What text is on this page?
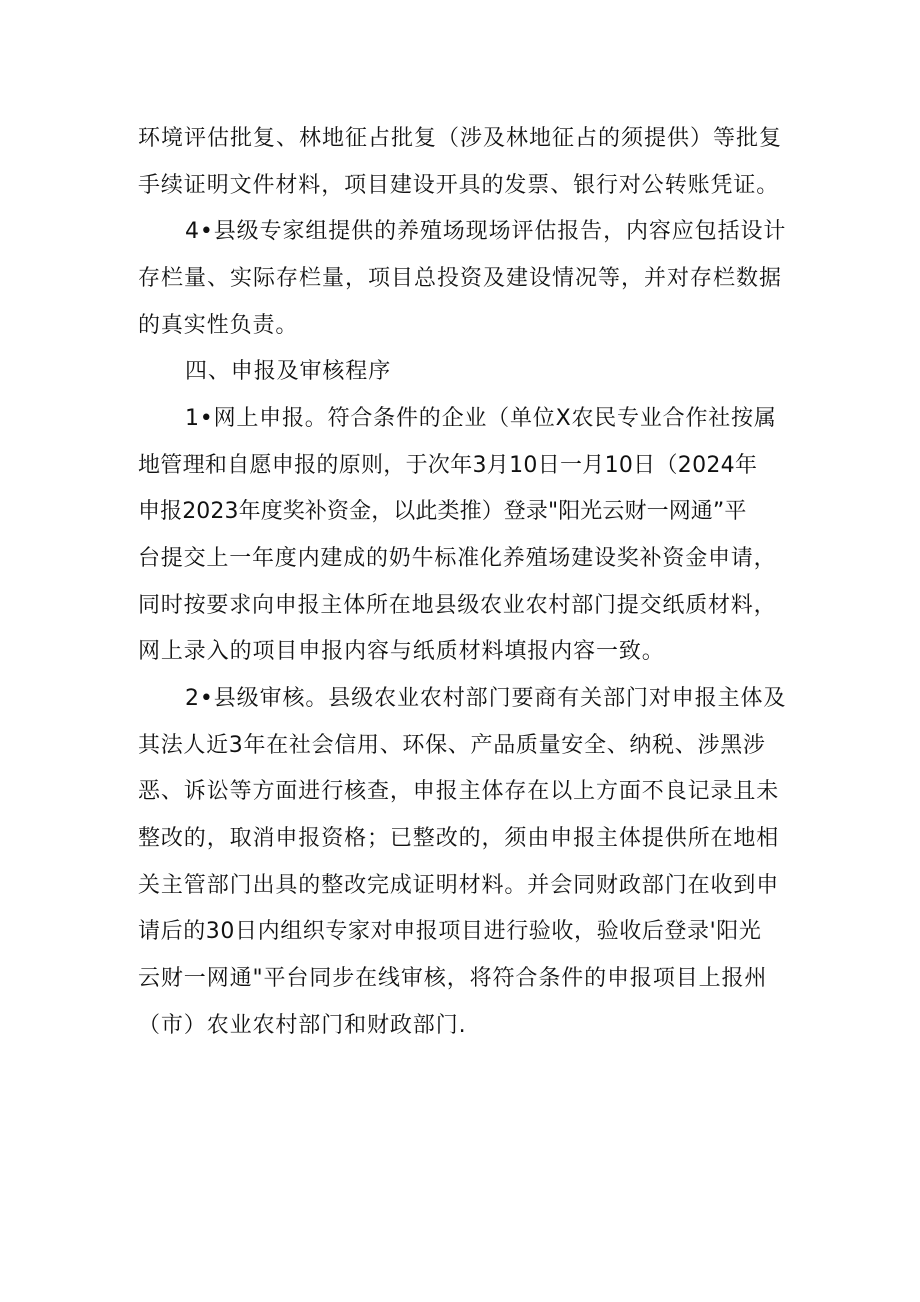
环境评估批复、林地征占批复（涉及林地征占的须提供）等批复
手续证明文件材料，项目建设开具的发票、银行对公转账凭证。
4•县级专家组提供的养殖场现场评估报告，内容应包括设计
存栏量、实际存栏量，项目总投资及建设情况等，并对存栏数据
的真实性负责。
四、申报及审核程序
1•网上申报。符合条件的企业（单位X农民专业合作社按属
地管理和自愿申报的原则，于次年3月10日一月10日（2024年
申报2023年度奖补资金，以此类推）登录"阳光云财一网通”平
台提交上一年度内建成的奶牛标准化养殖场建设奖补资金申请，
同时按要求向申报主体所在地县级农业农村部门提交纸质材料，
网上录入的项目申报内容与纸质材料填报内容一致。
2•县级审核。县级农业农村部门要商有关部门对申报主体及
其法人近3年在社会信用、环保、产品质量安全、纳税、涉黑涉
恶、诉讼等方面进行核查，申报主体存在以上方面不良记录且未
整改的，取消申报资格；已整改的，须由申报主体提供所在地相
关主管部门出具的整改完成证明材料。并会同财政部门在收到申
请后的30日内组织专家对申报项目进行验收，验收后登录'阳光
云财一网通"平台同步在线审核，将符合条件的申报项目上报州
（市）农业农村部门和财政部门.
